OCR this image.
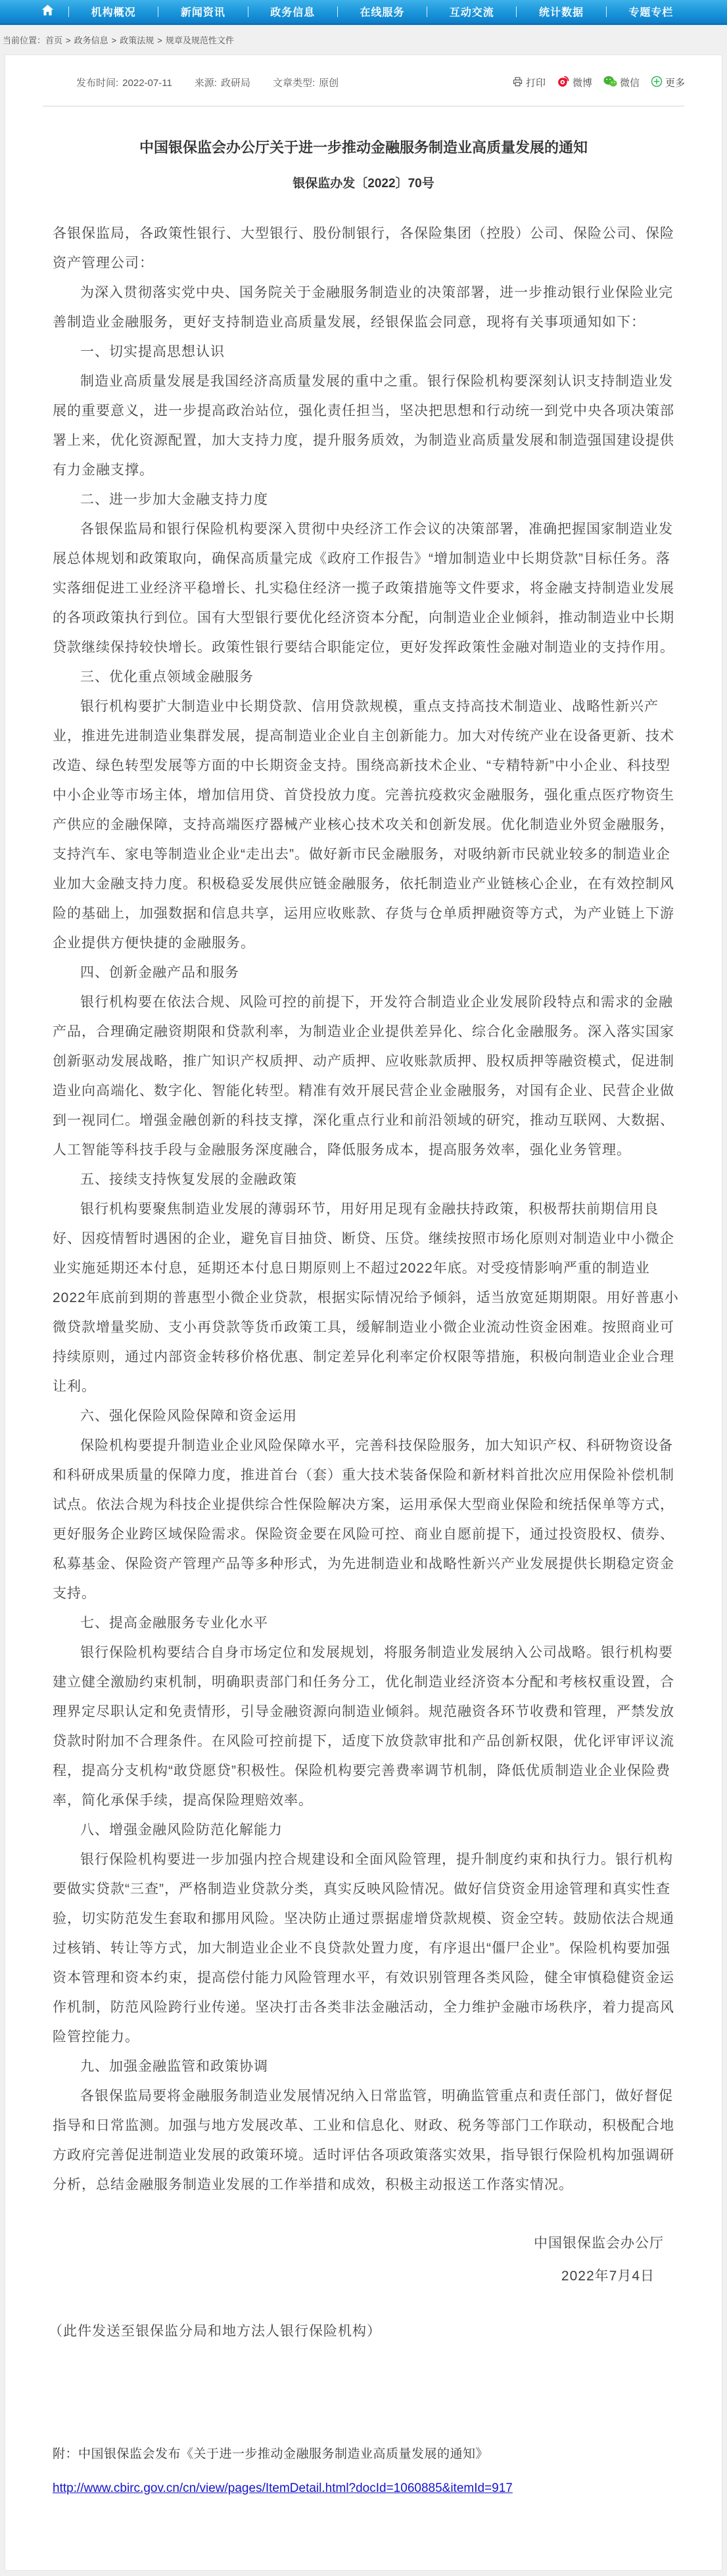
机构概况	新闻资讯	政务信息	在线服务	互动交流	统计数据	专题专栏
当前位置：首页 > 政务信息 > 政策法规 > 规章及规范性文件
发布时间: 2022-07-11 来源: 政研局 文章类型: 原创	打印	微博	微信	更多
中国银保监会办公厅关于进一步推动金融服务制造业高质量发展的通知
银保监办发〔2022〕70号

各银保监局，各政策性银行、大型银行、股份制银行，各保险集团（控股）公司、保险公司、保险资产管理公司：

为深入贯彻落实党中央、国务院关于金融服务制造业的决策部署，进一步推动银行业保险业完善制造业金融服务，更好支持制造业高质量发展，经银保监会同意，现将有关事项通知如下：

一、切实提高思想认识

制造业高质量发展是我国经济高质量发展的重中之重。银行保险机构要深刻认识支持制造业发展的重要意义，进一步提高政治站位，强化责任担当，坚决把思想和行动统一到党中央各项决策部署上来，优化资源配置，加大支持力度，提升服务质效，为制造业高质量发展和制造强国建设提供有力金融支撑。

二、进一步加大金融支持力度

各银保监局和银行保险机构要深入贯彻中央经济工作会议的决策部署，准确把握国家制造业发展总体规划和政策取向，确保高质量完成《政府工作报告》“增加制造业中长期贷款”目标任务。落实落细促进工业经济平稳增长、扎实稳住经济一揽子政策措施等文件要求，将金融支持制造业发展的各项政策执行到位。国有大型银行要优化经济资本分配，向制造业企业倾斜，推动制造业中长期贷款继续保持较快增长。政策性银行要结合职能定位，更好发挥政策性金融对制造业的支持作用。

三、优化重点领域金融服务

银行机构要扩大制造业中长期贷款、信用贷款规模，重点支持高技术制造业、战略性新兴产业，推进先进制造业集群发展，提高制造业企业自主创新能力。加大对传统产业在设备更新、技术改造、绿色转型发展等方面的中长期资金支持。围绕高新技术企业、“专精特新”中小企业、科技型中小企业等市场主体，增加信用贷、首贷投放力度。完善抗疫救灾金融服务，强化重点医疗物资生产供应的金融保障，支持高端医疗器械产业核心技术攻关和创新发展。优化制造业外贸金融服务，支持汽车、家电等制造业企业“走出去”。做好新市民金融服务，对吸纳新市民就业较多的制造业企业加大金融支持力度。积极稳妥发展供应链金融服务，依托制造业产业链核心企业，在有效控制风险的基础上，加强数据和信息共享，运用应收账款、存货与仓单质押融资等方式，为产业链上下游企业提供方便快捷的金融服务。

四、创新金融产品和服务

银行机构要在依法合规、风险可控的前提下，开发符合制造业企业发展阶段特点和需求的金融产品，合理确定融资期限和贷款利率，为制造业企业提供差异化、综合化金融服务。深入落实国家创新驱动发展战略，推广知识产权质押、动产质押、应收账款质押、股权质押等融资模式，促进制造业向高端化、数字化、智能化转型。精准有效开展民营企业金融服务，对国有企业、民营企业做到一视同仁。增强金融创新的科技支撑，深化重点行业和前沿领域的研究，推动互联网、大数据、人工智能等科技手段与金融服务深度融合，降低服务成本，提高服务效率，强化业务管理。

五、接续支持恢复发展的金融政策

银行机构要聚焦制造业发展的薄弱环节，用好用足现有金融扶持政策，积极帮扶前期信用良好、因疫情暂时遇困的企业，避免盲目抽贷、断贷、压贷。继续按照市场化原则对制造业中小微企业实施延期还本付息，延期还本付息日期原则上不超过2022年底。对受疫情影响严重的制造业2022年底前到期的普惠型小微企业贷款，根据实际情况给予倾斜，适当放宽延期期限。用好普惠小微贷款增量奖励、支小再贷款等货币政策工具，缓解制造业小微企业流动性资金困难。按照商业可持续原则，通过内部资金转移价格优惠、制定差异化利率定价权限等措施，积极向制造业企业合理让利。

六、强化保险风险保障和资金运用

保险机构要提升制造业企业风险保障水平，完善科技保险服务，加大知识产权、科研物资设备和科研成果质量的保障力度，推进首台（套）重大技术装备保险和新材料首批次应用保险补偿机制试点。依法合规为科技企业提供综合性保险解决方案，运用承保大型商业保险和统括保单等方式，更好服务企业跨区域保险需求。保险资金要在风险可控、商业自愿前提下，通过投资股权、债券、私募基金、保险资产管理产品等多种形式，为先进制造业和战略性新兴产业发展提供长期稳定资金支持。

七、提高金融服务专业化水平

银行保险机构要结合自身市场定位和发展规划，将服务制造业发展纳入公司战略。银行机构要建立健全激励约束机制，明确职责部门和任务分工，优化制造业经济资本分配和考核权重设置，合理界定尽职认定和免责情形，引导金融资源向制造业倾斜。规范融资各环节收费和管理，严禁发放贷款时附加不合理条件。在风险可控前提下，适度下放贷款审批和产品创新权限，优化评审评议流程，提高分支机构“敢贷愿贷”积极性。保险机构要完善费率调节机制，降低优质制造业企业保险费率，简化承保手续，提高保险理赔效率。

八、增强金融风险防范化解能力

银行保险机构要进一步加强内控合规建设和全面风险管理，提升制度约束和执行力。银行机构要做实贷款“三查”，严格制造业贷款分类，真实反映风险情况。做好信贷资金用途管理和真实性查验，切实防范发生套取和挪用风险。坚决防止通过票据虚增贷款规模、资金空转。鼓励依法合规通过核销、转让等方式，加大制造业企业不良贷款处置力度，有序退出“僵尸企业”。保险机构要加强资本管理和资本约束，提高偿付能力风险管理水平，有效识别管理各类风险，健全审慎稳健资金运作机制，防范风险跨行业传递。坚决打击各类非法金融活动，全力维护金融市场秩序，着力提高风险管控能力。

九、加强金融监管和政策协调

各银保监局要将金融服务制造业发展情况纳入日常监管，明确监管重点和责任部门，做好督促指导和日常监测。加强与地方发展改革、工业和信息化、财政、税务等部门工作联动，积极配合地方政府完善促进制造业发展的政策环境。适时评估各项政策落实效果，指导银行保险机构加强调研分析，总结金融服务制造业发展的工作举措和成效，积极主动报送工作落实情况。

中国银保监会办公厅
2022年7月4日
（此件发送至银保监分局和地方法人银行保险机构）
附：中国银保监会发布《关于进一步推动金融服务制造业高质量发展的通知》
http://www.cbirc.gov.cn/cn/view/pages/ItemDetail.html?docId=1060885&itemId=917
